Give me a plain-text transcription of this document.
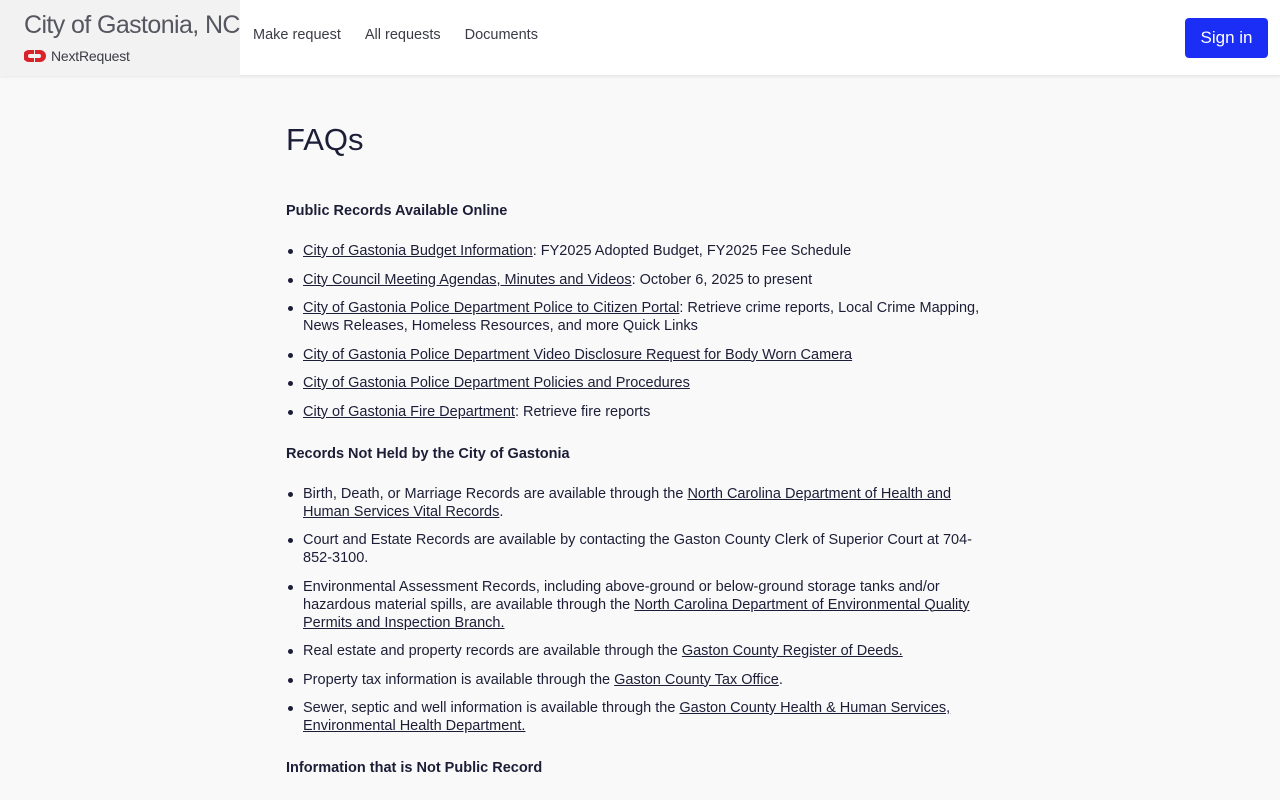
City of Gastonia, NC
NextRequest
Make request All requests Documents	Sign in
FAQs
Public Records Available Online
City of Gastonia Budget Information: FY2025 Adopted Budget, FY2025 Fee Schedule
City Council Meeting Agendas, Minutes and Videos: October 6, 2025 to present
City of Gastonia Police Department Police to Citizen Portal: Retrieve crime reports, Local Crime Mapping, News Releases, Homeless Resources, and more Quick Links
City of Gastonia Police Department Video Disclosure Request for Body Worn Camera
City of Gastonia Police Department Policies and Procedures
City of Gastonia Fire Department: Retrieve fire reports
Records Not Held by the City of Gastonia
Birth, Death, or Marriage Records are available through the North Carolina Department of Health and Human Services Vital Records.
Court and Estate Records are available by contacting the Gaston County Clerk of Superior Court at 704-852-3100.
Environmental Assessment Records, including above-ground or below-ground storage tanks and/or hazardous material spills, are available through the North Carolina Department of Environmental Quality Permits and Inspection Branch.
Real estate and property records are available through the Gaston County Register of Deeds.
Property tax information is available through the Gaston County Tax Office.
Sewer, septic and well information is available through the Gaston County Health & Human Services, Environmental Health Department.
Information that is Not Public Record
